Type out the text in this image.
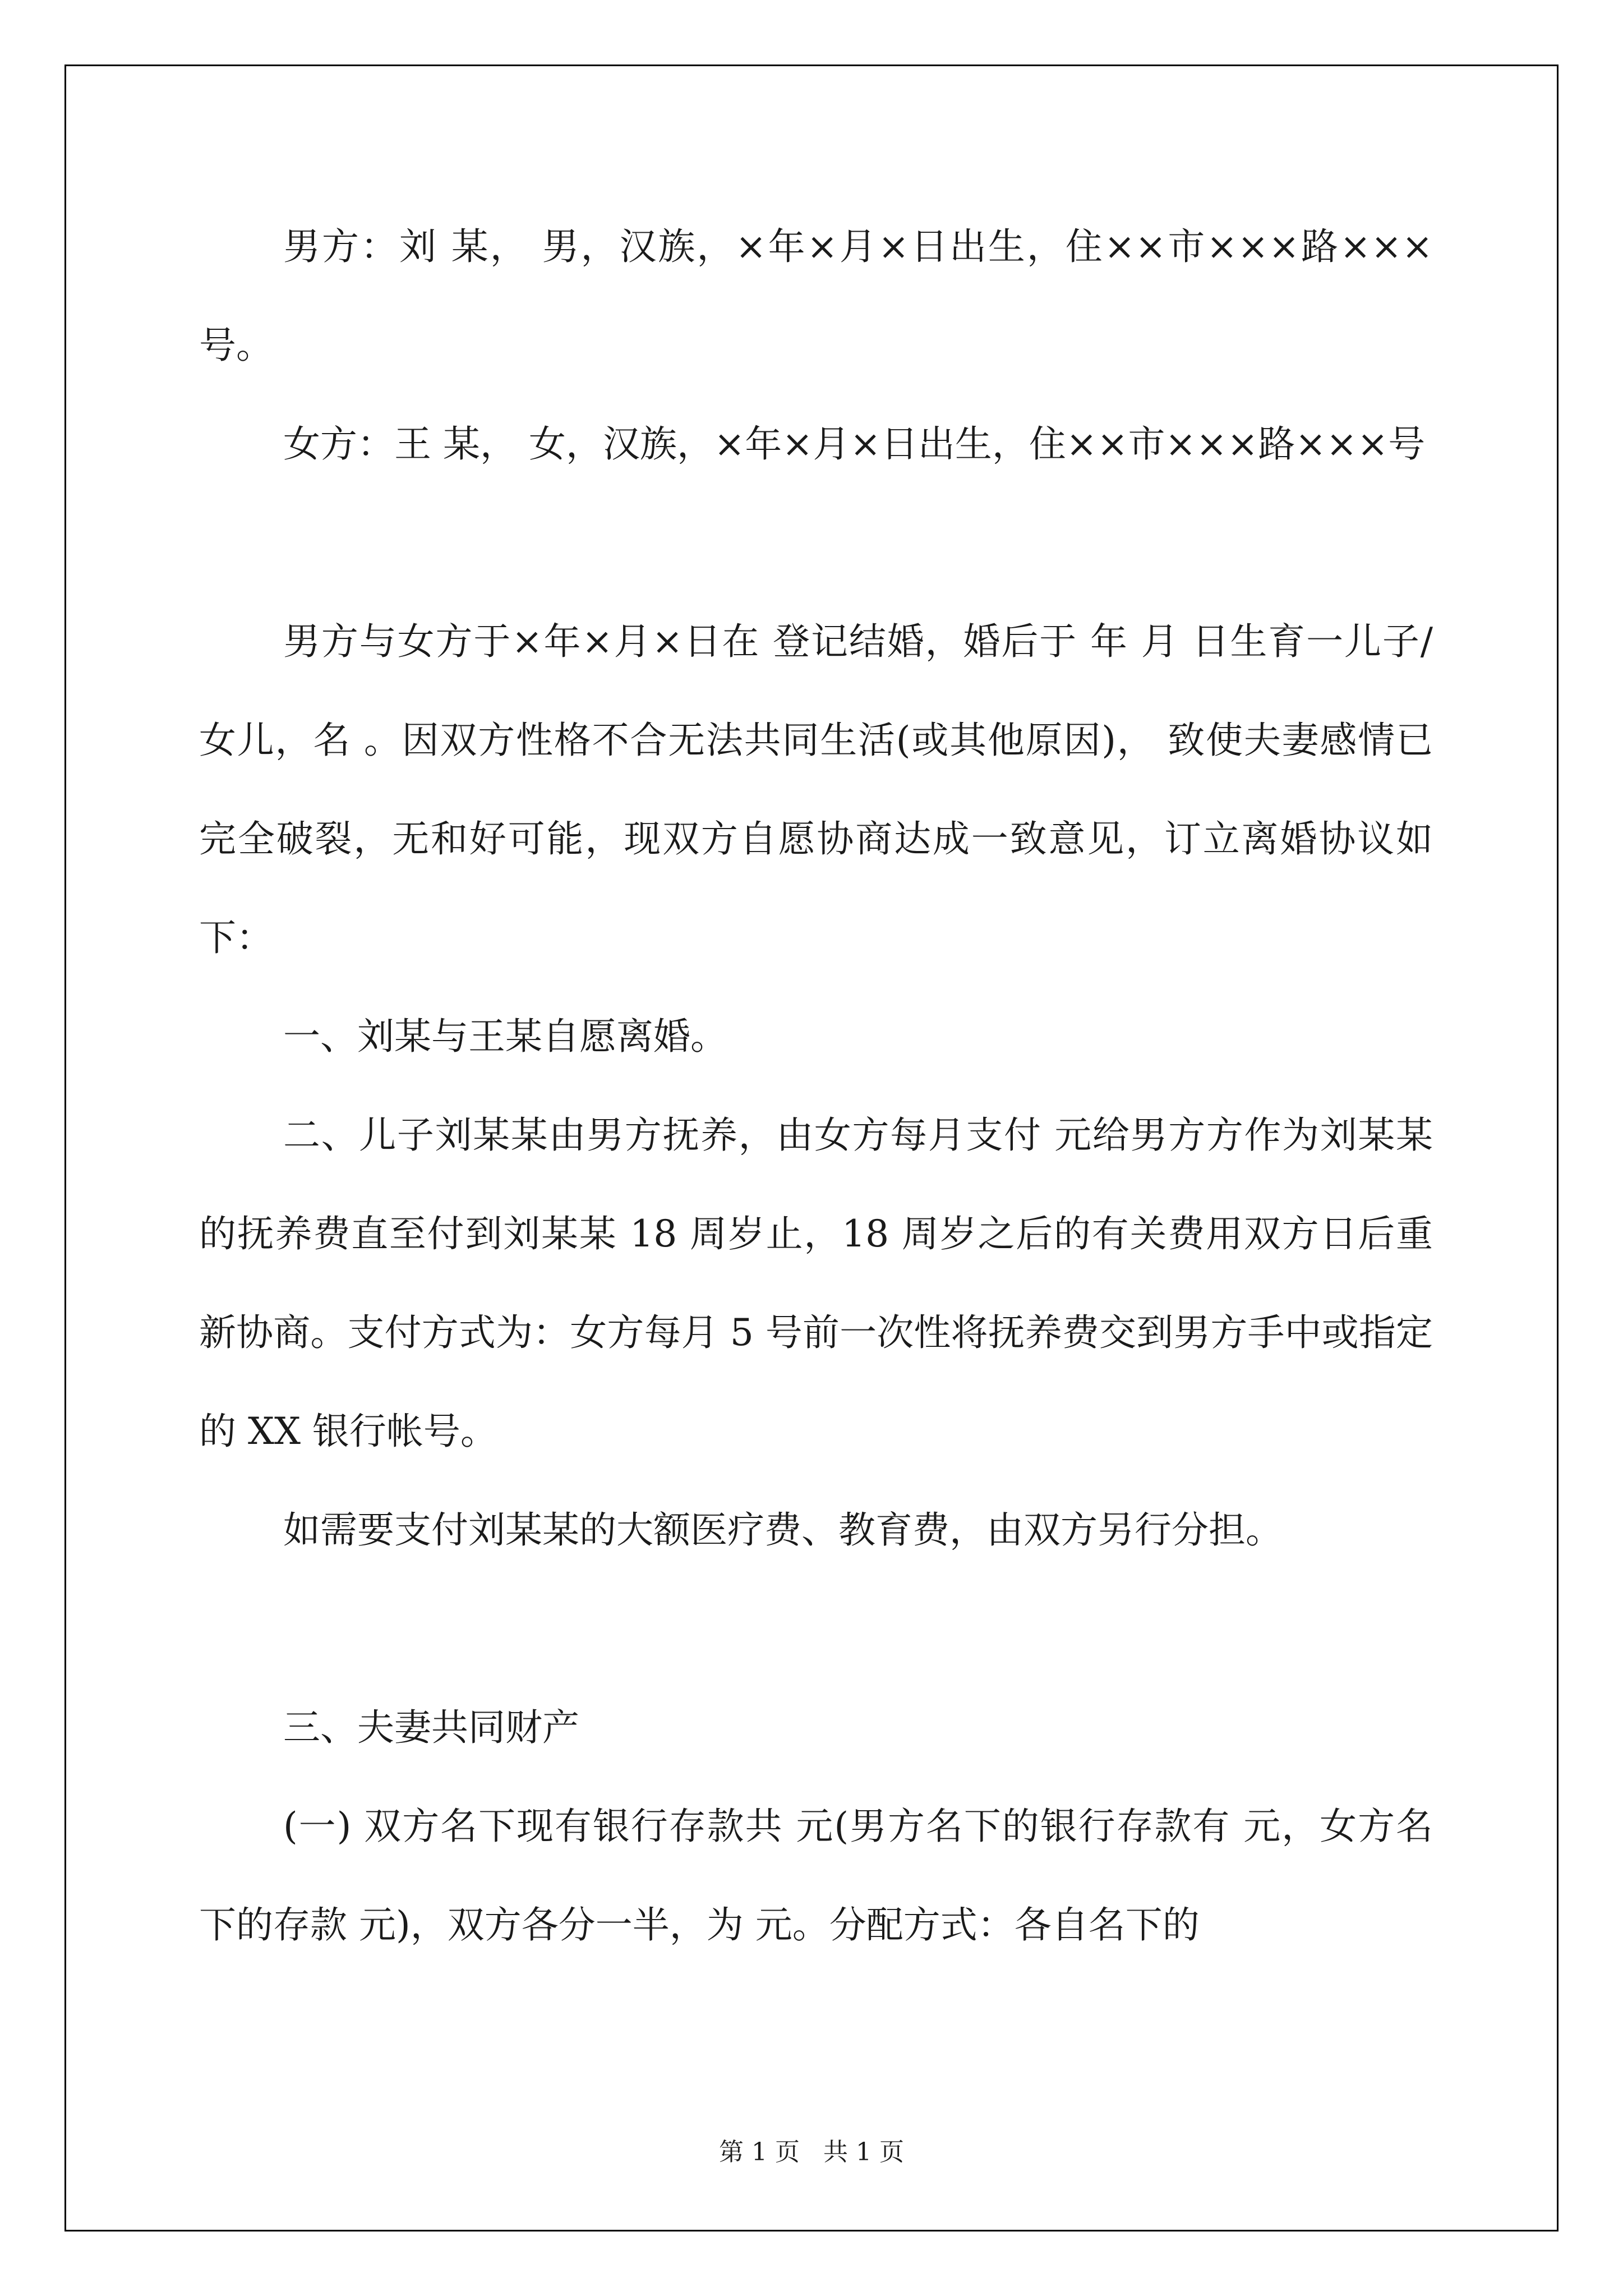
男方：刘 某， 男，汉族，×年×月×日出生，住××市×××路×××号。

女方：王 某， 女，汉族，×年×月×日出生，住××市×××路×××号

男方与女方于×年×月×日在 登记结婚，婚后于 年 月 日生育一儿子/女儿，名 。因双方性格不合无法共同生活(或其他原因)， 致使夫妻感情已完全破裂，无和好可能，现双方自愿协商达成一致意见，订立离婚协议如下：

一、刘某与王某自愿离婚。

二、儿子刘某某由男方抚养，由女方每月支付 元给男方方作为刘某某的抚养费直至付到刘某某 18 周岁止，18 周岁之后的有关费用双方日后重新协商。支付方式为：女方每月 5 号前一次性将抚养费交到男方手中或指定的 XX 银行帐号。

如需要支付刘某某的大额医疗费、教育费，由双方另行分担。

三、夫妻共同财产

(一) 双方名下现有银行存款共 元(男方名下的银行存款有 元，女方名下的存款 元)，双方各分一半，为 元。分配方式：各自名下的

第 1 页   共 1 页
